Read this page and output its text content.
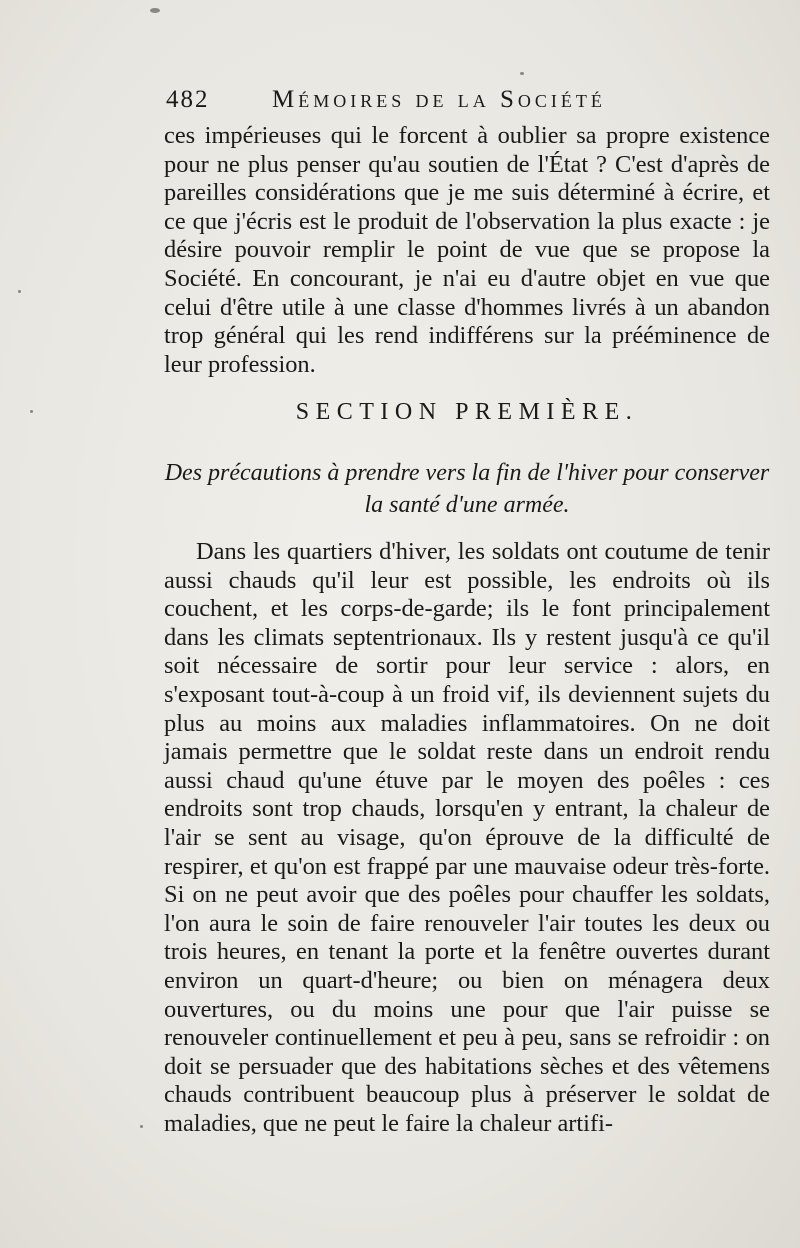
482	Mémoires de la Société

ces impérieuses qui le forcent à oublier sa propre existence pour ne plus penser qu'au soutien de l'État ? C'est d'après de pareilles considérations que je me suis déterminé à écrire, et ce que j'écris est le produit de l'observation la plus exacte : je désire pouvoir remplir le point de vue que se propose la Société. En concourant, je n'ai eu d'autre objet en vue que celui d'être utile à une classe d'hommes livrés à un abandon trop général qui les rend indifférens sur la prééminence de leur profession.

SECTION PREMIÈRE.

Des précautions à prendre vers la fin de l'hiver pour conserver la santé d'une armée.

Dans les quartiers d'hiver, les soldats ont coutume de tenir aussi chauds qu'il leur est possible, les endroits où ils couchent, et les corps-de-garde; ils le font principalement dans les climats septentrionaux. Ils y restent jusqu'à ce qu'il soit nécessaire de sortir pour leur service : alors, en s'exposant tout-à-coup à un froid vif, ils deviennent sujets du plus au moins aux maladies inflammatoires. On ne doit jamais permettre que le soldat reste dans un endroit rendu aussi chaud qu'une étuve par le moyen des poêles : ces endroits sont trop chauds, lorsqu'en y entrant, la chaleur de l'air se sent au visage, qu'on éprouve de la difficulté de respirer, et qu'on est frappé par une mauvaise odeur très-forte. Si on ne peut avoir que des poêles pour chauffer les soldats, l'on aura le soin de faire renouveler l'air toutes les deux ou trois heures, en tenant la porte et la fenêtre ouvertes durant environ un quart-d'heure; ou bien on ménagera deux ouvertures, ou du moins une pour que l'air puisse se renouveler continuellement et peu à peu, sans se refroidir : on doit se persuader que des habitations sèches et des vêtemens chauds contribuent beaucoup plus à préserver le soldat de maladies, que ne peut le faire la chaleur artifi-
